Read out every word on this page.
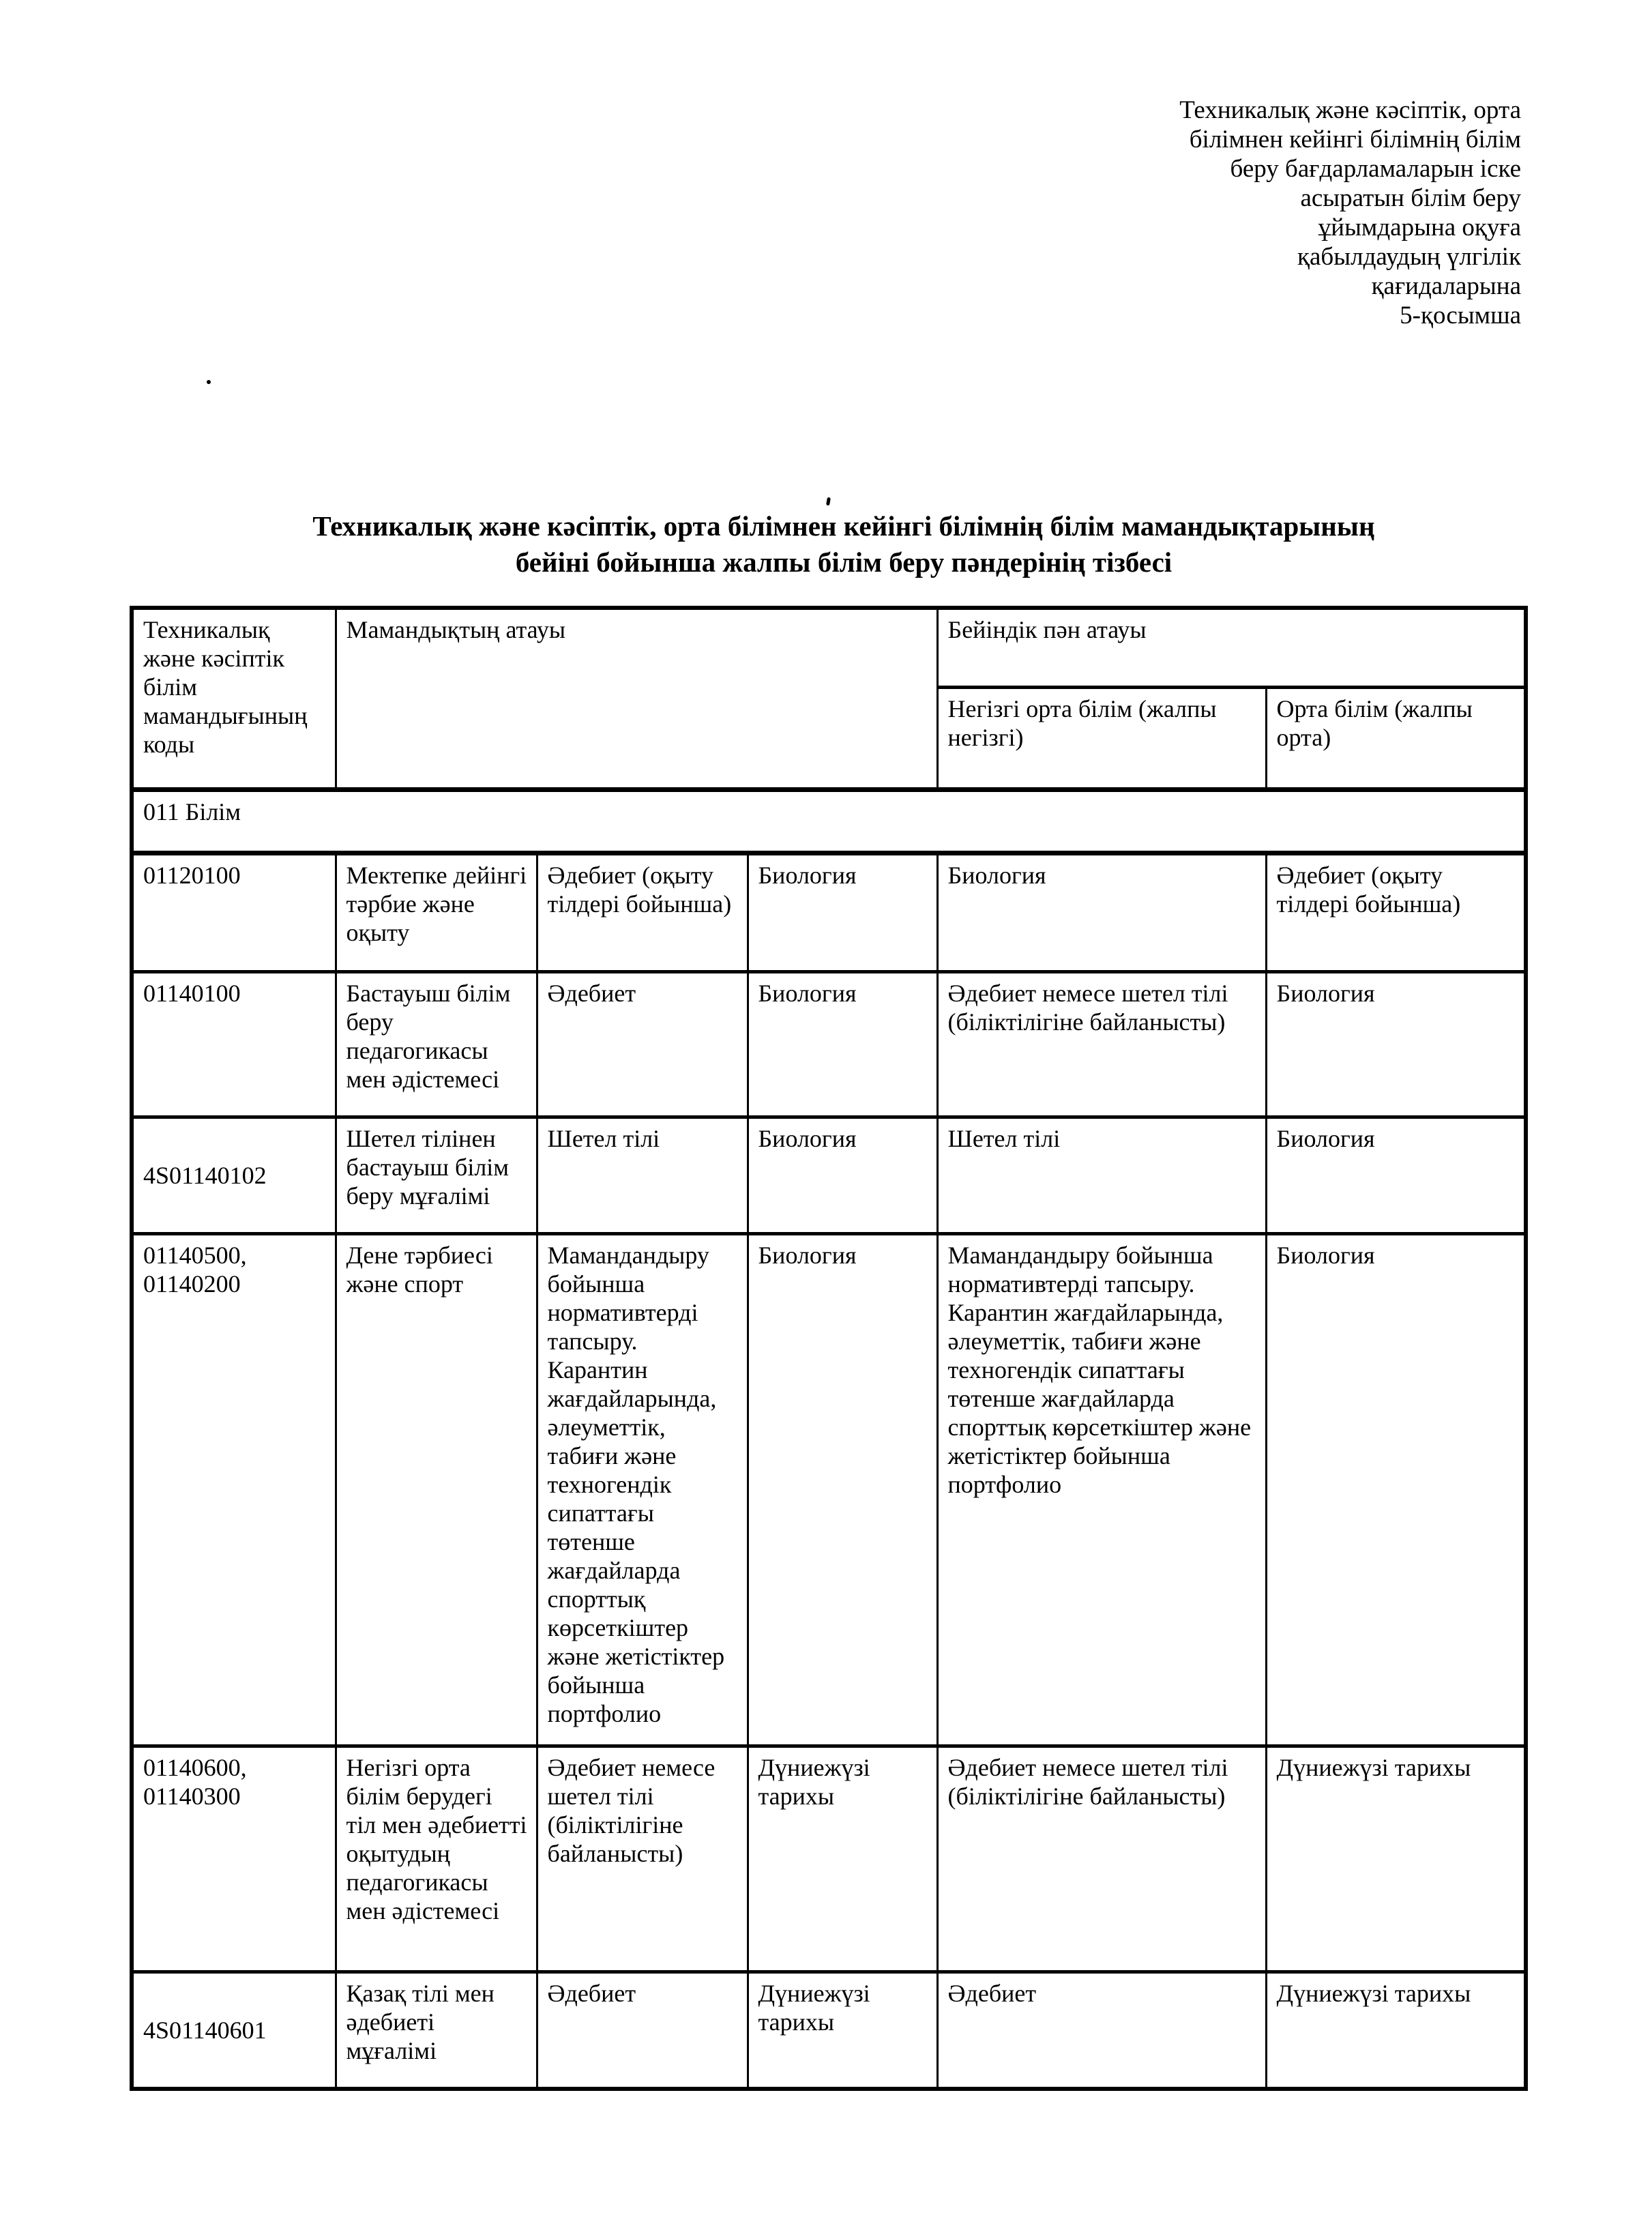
Техникалық және кәсіптік, орта
білімнен кейінгі білімнің білім
беру бағдарламаларын іске
асыратын білім беру
ұйымдарына оқуға
қабылдаудың үлгілік
қағидаларына
5-қосымша
Техникалық және кәсіптік, орта білімнен кейінгі білімнің білім мамандықтарының
бейіні бойынша жалпы білім беру пәндерінің тізбесі
Техникалық және кәсіптік білім мамандығының коды	Мамандықтың атауы			Бейіндік пән атауы	
				Негізгі орта білім (жалпы негізгі)	Орта білім (жалпы орта)
011 Білім					
01120100	Мектепке дейінгі тәрбие және оқыту	Әдебиет (оқыту тілдері бойынша)	Биология	Биология	Әдебиет (оқыту тілдері бойынша)
01140100	Бастауыш білім беру педагогикасы мен әдістемесі	Әдебиет	Биология	Әдебиет немесе шетел тілі (біліктілігіне байланысты)	Биология
4S01140102	Шетел тілінен бастауыш білім беру мұғалімі	Шетел тілі	Биология	Шетел тілі	Биология
01140500, 01140200	Дене тәрбиесі және спорт	Мамандандыру бойынша нормативтерді тапсыру. Карантин жағдайларында, әлеуметтік, табиғи және техногендік сипаттағы төтенше жағдайларда спорттық көрсеткіштер және жетістіктер бойынша портфолио	Биология	Мамандандыру бойынша нормативтерді тапсыру. Карантин жағдайларында, әлеуметтік, табиғи және техногендік сипаттағы төтенше жағдайларда спорттық көрсеткіштер және жетістіктер бойынша портфолио	Биология
01140600, 01140300	Негізгі орта білім берудегі тіл мен әдебиетті оқытудың педагогикасы мен әдістемесі	Әдебиет немесе шетел тілі (біліктілігіне байланысты)	Дүниежүзі тарихы	Әдебиет немесе шетел тілі (біліктілігіне байланысты)	Дүниежүзі тарихы
4S01140601	Қазақ тілі мен әдебиеті мұғалімі	Әдебиет	Дүниежүзі тарихы	Әдебиет	Дүниежүзі тарихы
